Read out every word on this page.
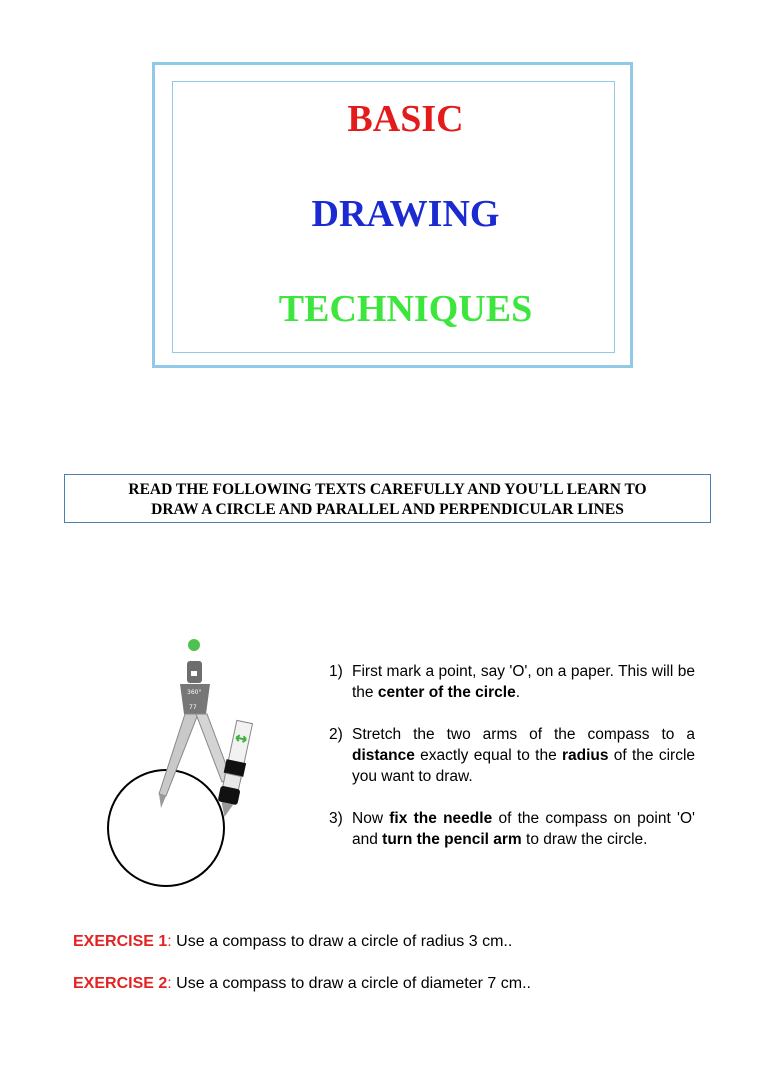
BASIC
DRAWING
TECHNIQUES
READ THE FOLLOWING TEXTS CAREFULLY AND YOU'LL LEARN TO
DRAW A CIRCLE AND PARALLEL AND PERPENDICULAR LINES
360°
77
1) First mark a point, say 'O', on a paper. This will be the center of the circle.
2) Stretch the two arms of the compass to a distance exactly equal to the radius of the circle you want to draw.
3) Now fix the needle of the compass on point 'O' and turn the pencil arm to draw the circle.

EXERCISE 1: Use a compass to draw a circle of radius 3 cm..

EXERCISE 2: Use a compass to draw a circle of diameter 7 cm..
